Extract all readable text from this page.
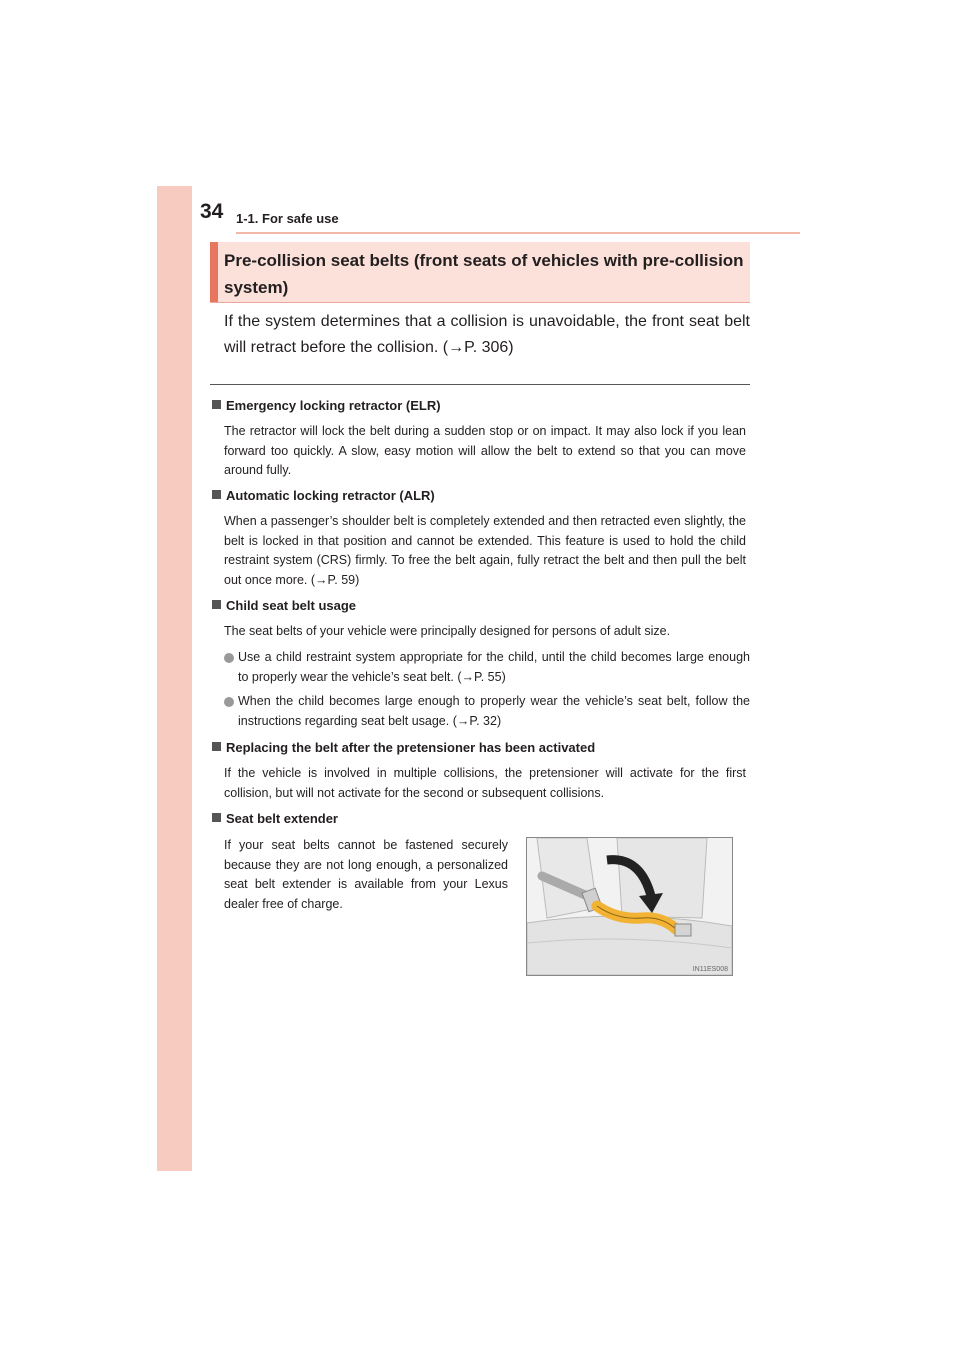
34 1-1. For safe use
Pre-collision seat belts (front seats of vehicles with pre-collision system)
If the system determines that a collision is unavoidable, the front seat belt will retract before the collision. (→P. 306)
Emergency locking retractor (ELR)
The retractor will lock the belt during a sudden stop or on impact. It may also lock if you lean forward too quickly. A slow, easy motion will allow the belt to extend so that you can move around fully.
Automatic locking retractor (ALR)
When a passenger’s shoulder belt is completely extended and then retracted even slightly, the belt is locked in that position and cannot be extended. This feature is used to hold the child restraint system (CRS) firmly. To free the belt again, fully retract the belt and then pull the belt out once more. (→P. 59)
Child seat belt usage
The seat belts of your vehicle were principally designed for persons of adult size.
Use a child restraint system appropriate for the child, until the child becomes large enough to properly wear the vehicle’s seat belt. (→P. 55)
When the child becomes large enough to properly wear the vehicle’s seat belt, follow the instructions regarding seat belt usage. (→P. 32)
Replacing the belt after the pretensioner has been activated
If the vehicle is involved in multiple collisions, the pretensioner will activate for the first collision, but will not activate for the second or subsequent collisions.
Seat belt extender
If your seat belts cannot be fastened securely because they are not long enough, a personalized seat belt extender is available from your Lexus dealer free of charge.
IN11ES008
